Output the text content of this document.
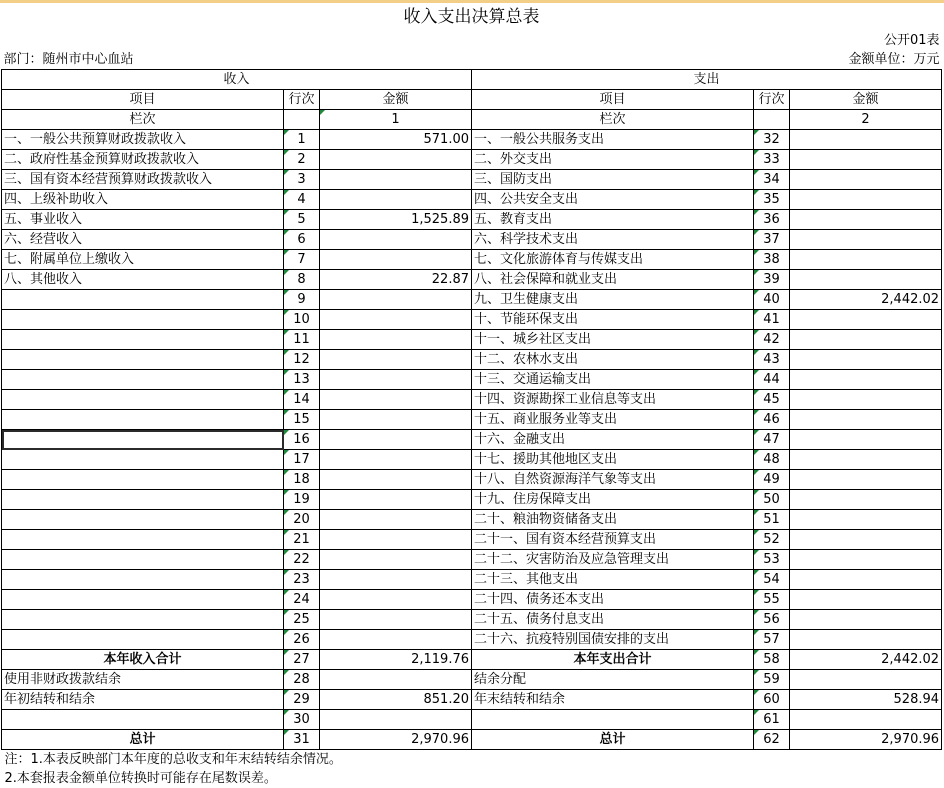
收入支出决算总表					
公开01表					
部门：随州市中心血站			金额单位：万元		
收入			支出		
项目	行次	金额	项目	行次	金额
栏次		1	栏次		2
一、一般公共预算财政拨款收入	1	571.00	一、一般公共服务支出	32	
二、政府性基金预算财政拨款收入	2		二、外交支出	33	
三、国有资本经营预算财政拨款收入	3		三、国防支出	34	
四、上级补助收入	4		四、公共安全支出	35	
五、事业收入	5	1,525.89	五、教育支出	36	
六、经营收入	6		六、科学技术支出	37	
七、附属单位上缴收入	7		七、文化旅游体育与传媒支出	38	
八、其他收入	8	22.87	八、社会保障和就业支出	39	
	9		九、卫生健康支出	40	2,442.02
	10		十、节能环保支出	41	
	11		十一、城乡社区支出	42	
	12		十二、农林水支出	43	
	13		十三、交通运输支出	44	
	14		十四、资源勘探工业信息等支出	45	
	15		十五、商业服务业等支出	46	
	16		十六、金融支出	47	
	17		十七、援助其他地区支出	48	
	18		十八、自然资源海洋气象等支出	49	
	19		十九、住房保障支出	50	
	20		二十、粮油物资储备支出	51	
	21		二十一、国有资本经营预算支出	52	
	22		二十二、灾害防治及应急管理支出	53	
	23		二十三、其他支出	54	
	24		二十四、债务还本支出	55	
	25		二十五、债务付息支出	56	
	26		二十六、抗疫特别国债安排的支出	57	
本年收入合计	27	2,119.76	本年支出合计	58	2,442.02
使用非财政拨款结余	28		结余分配	59	
年初结转和结余	29	851.20	年末结转和结余	60	528.94
	30			61	
总计	31	2,970.96	总计	62	2,970.96
注：1.本表反映部门本年度的总收支和年末结转结余情况。					
2.本套报表金额单位转换时可能存在尾数误差。					
